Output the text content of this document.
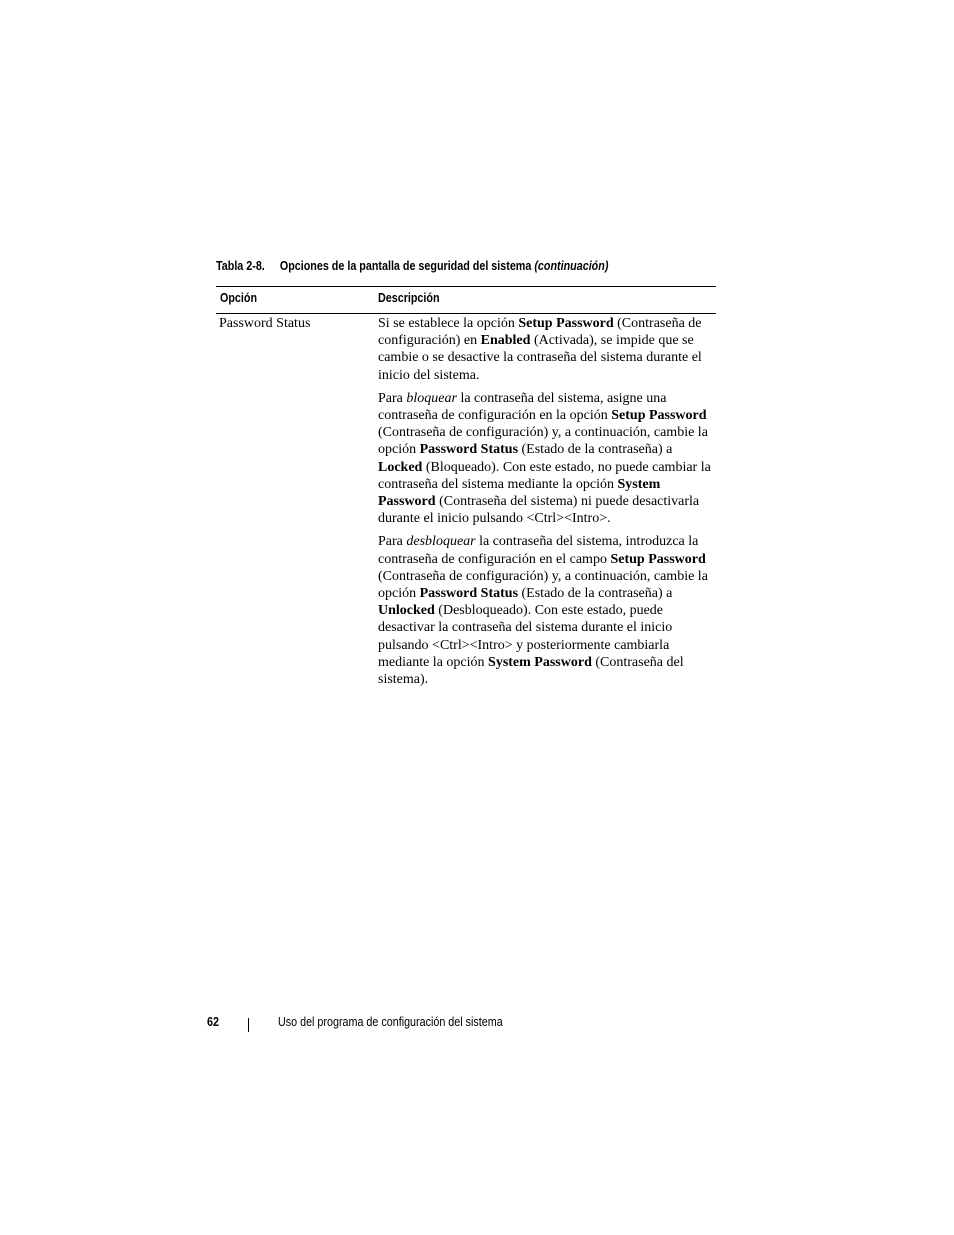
Tabla 2-8. Opciones de la pantalla de seguridad del sistema (continuación)
Opción	Descripción
Password Status	Si se establece la opción Setup Password (Contraseña de configuración) en Enabled (Activada), se impide que se cambie o se desactive la contraseña del sistema durante el inicio del sistema.

Para bloquear la contraseña del sistema, asigne una contraseña de configuración en la opción Setup Password (Contraseña de configuración) y, a continuación, cambie la opción Password Status (Estado de la contraseña) a Locked (Bloqueado). Con este estado, no puede cambiar la contraseña del sistema mediante la opción System Password (Contraseña del sistema) ni puede desactivarla durante el inicio pulsando <Ctrl><Intro>.

Para desbloquear la contraseña del sistema, introduzca la contraseña de configuración en el campo Setup Password (Contraseña de configuración) y, a continuación, cambie la opción Password Status (Estado de la contraseña) a Unlocked (Desbloqueado). Con este estado, puede desactivar la contraseña del sistema durante el inicio pulsando <Ctrl><Intro> y posteriormente cambiarla mediante la opción System Password (Contraseña del sistema).

62	Uso del programa de configuración del sistema
